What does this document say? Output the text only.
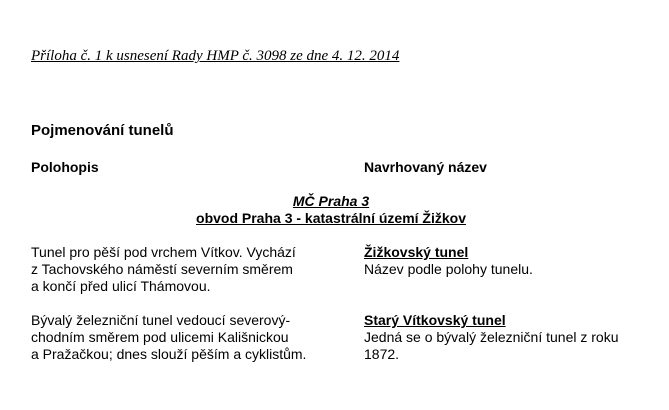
Příloha č. 1 k usnesení Rady HMP č. 3098 ze dne 4. 12. 2014
Pojmenování tunelů
Polohopis	Navrhovaný název
MČ Praha 3
obvod Praha 3 - katastrální území Žižkov
Tunel pro pěší pod vrchem Vítkov. Vychází
z Tachovského náměstí severním směrem
a končí před ulicí Thámovou.
Žižkovský tunel
Název podle polohy tunelu.
Bývalý železniční tunel vedoucí severový-
chodním směrem pod ulicemi Kališnickou
a Pražačkou; dnes slouží pěším a cyklistům.
Starý Vítkovský tunel
Jedná se o bývalý železniční tunel z roku
1872.
